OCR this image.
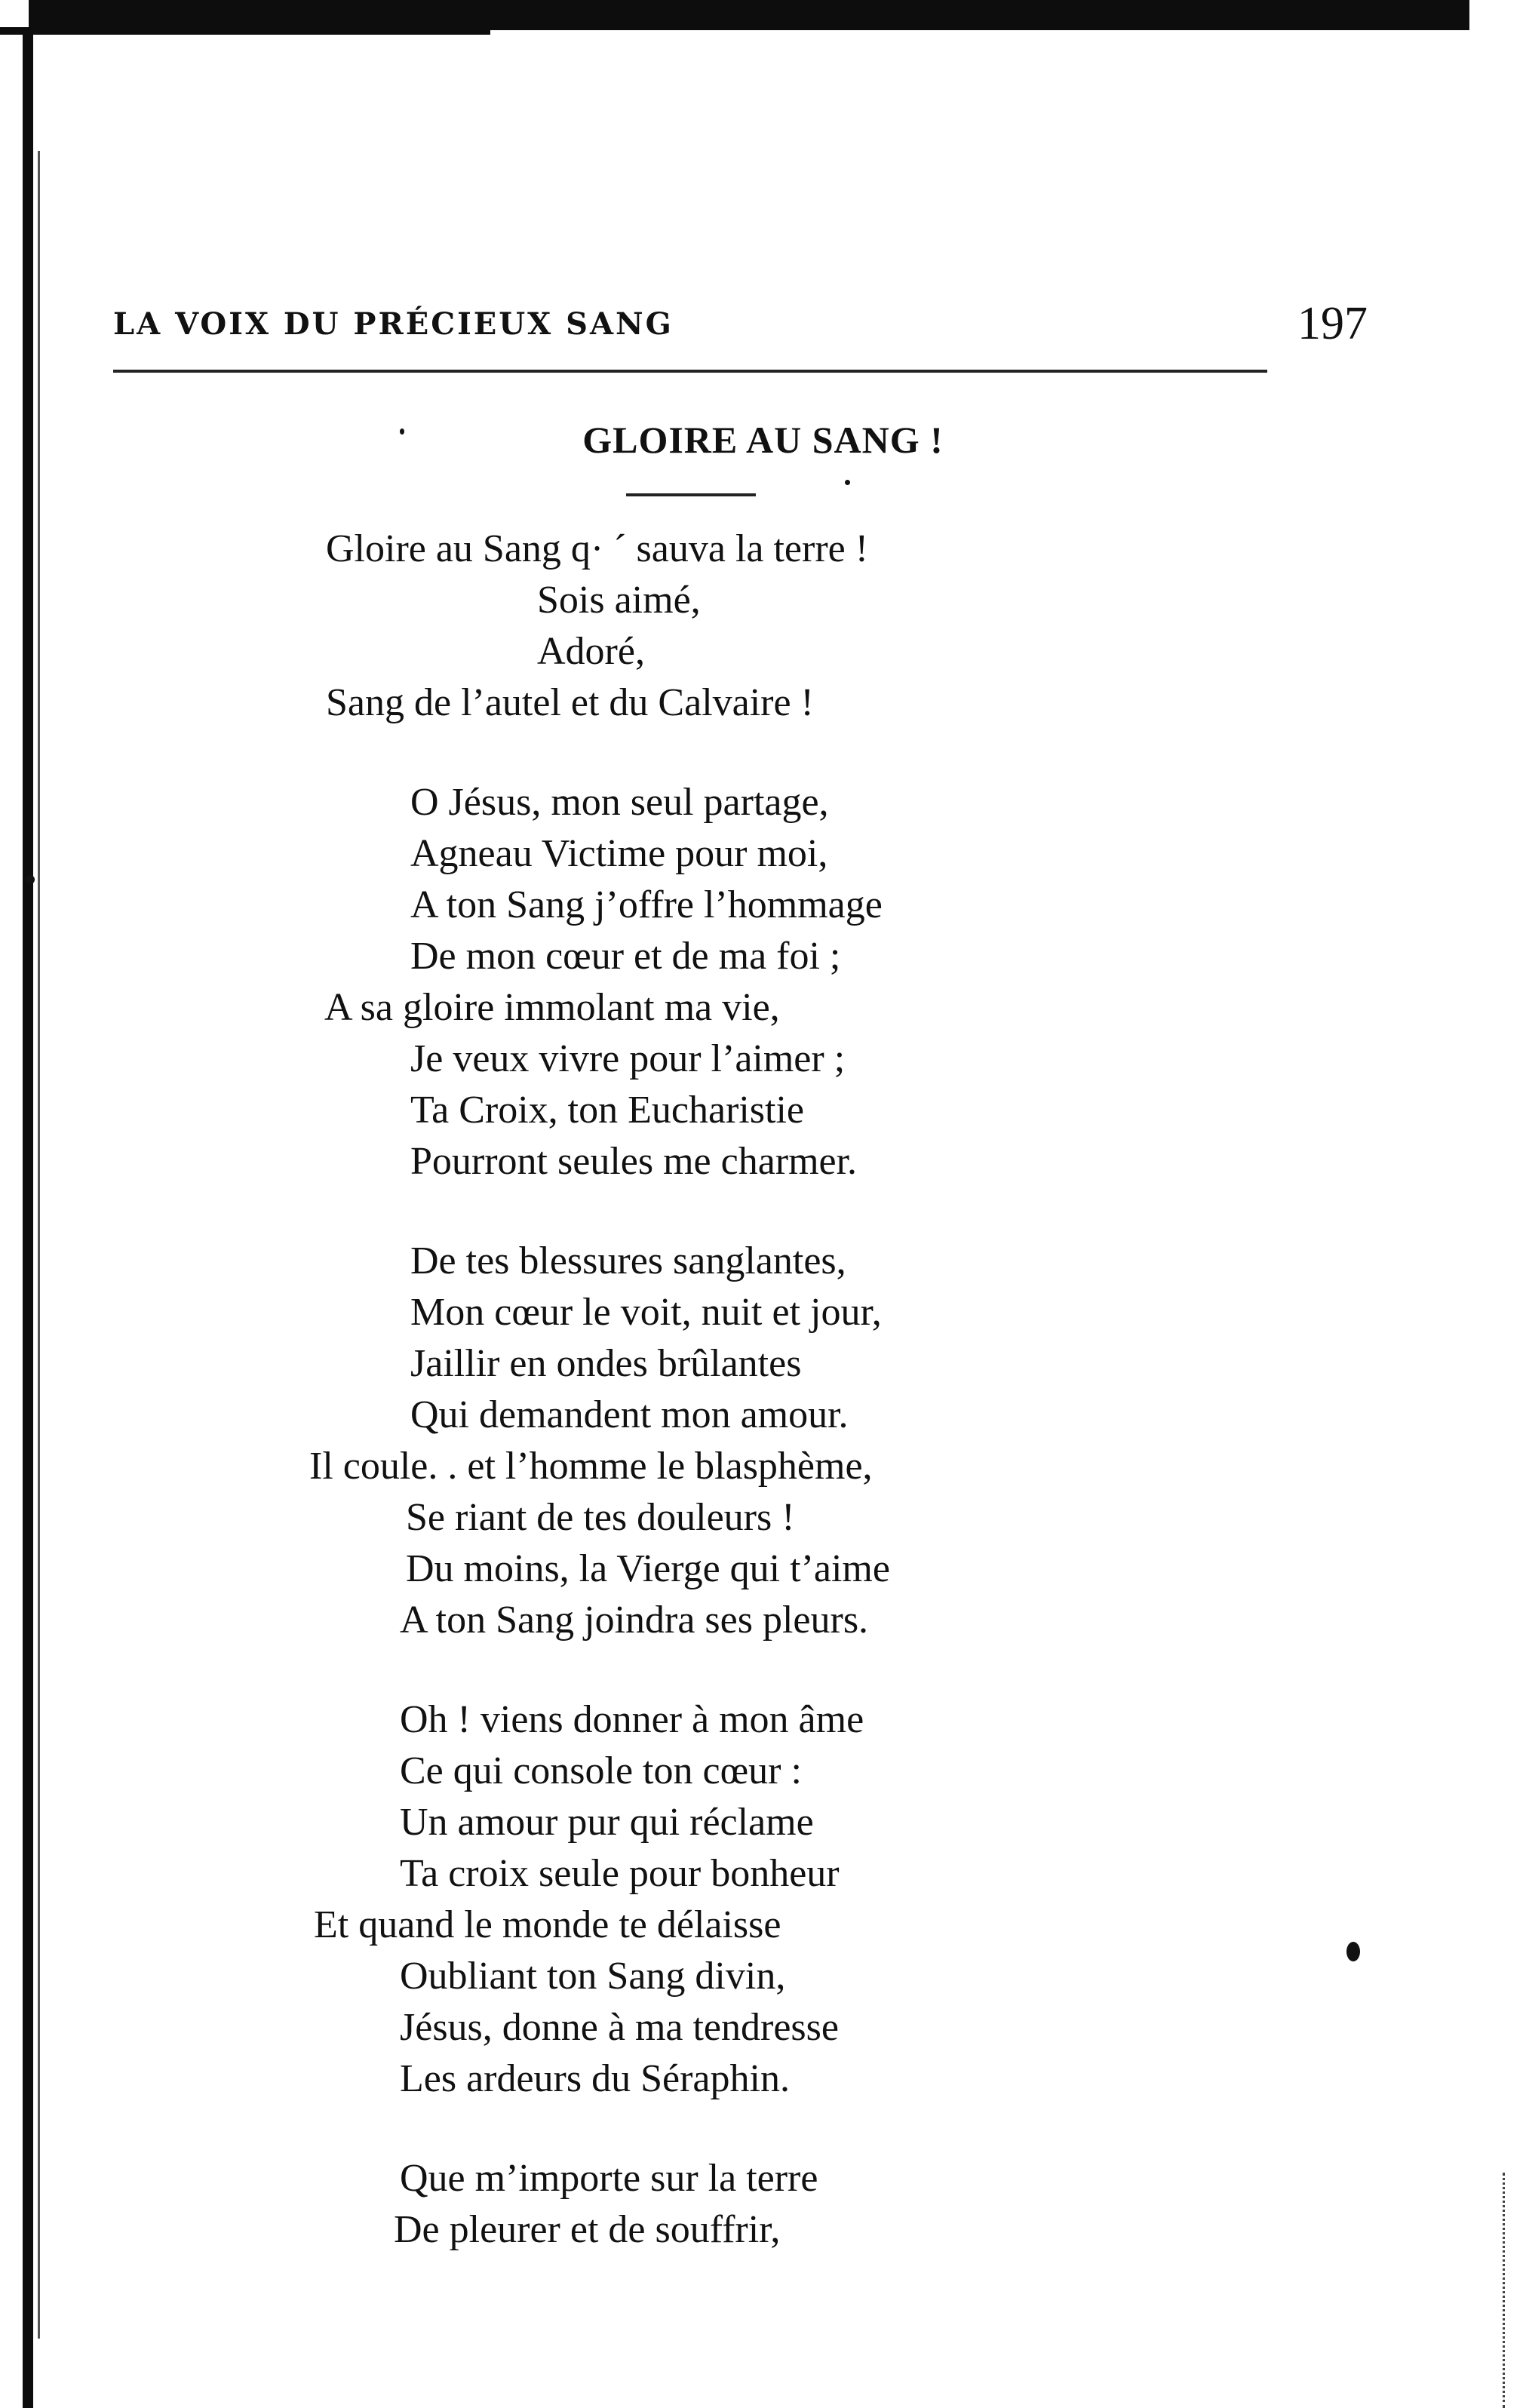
LA VOIX DU PRÉCIEUX SANG	197
GLOIRE AU SANG !
Gloire au Sang q· ´ sauva la terre !
Sois aimé,
Adoré,
Sang de l’autel et du Calvaire !
O Jésus, mon seul partage,
Agneau Victime pour moi,
A ton Sang j’offre l’hommage
De mon cœur et de ma foi ;
A sa gloire immolant ma vie,
Je veux vivre pour l’aimer ;
Ta Croix, ton Eucharistie
Pourront seules me charmer.
De tes blessures sanglantes,
Mon cœur le voit, nuit et jour,
Jaillir en ondes brûlantes
Qui demandent mon amour.
Il coule. . et l’homme le blasphème,
Se riant de tes douleurs !
Du moins, la Vierge qui t’aime
A ton Sang joindra ses pleurs.
Oh ! viens donner à mon âme
Ce qui console ton cœur :
Un amour pur qui réclame
Ta croix seule pour bonheur
Et quand le monde te délaisse
Oubliant ton Sang divin,
Jésus, donne à ma tendresse
Les ardeurs du Séraphin.
Que m’importe sur la terre
De pleurer et de souffrir,
